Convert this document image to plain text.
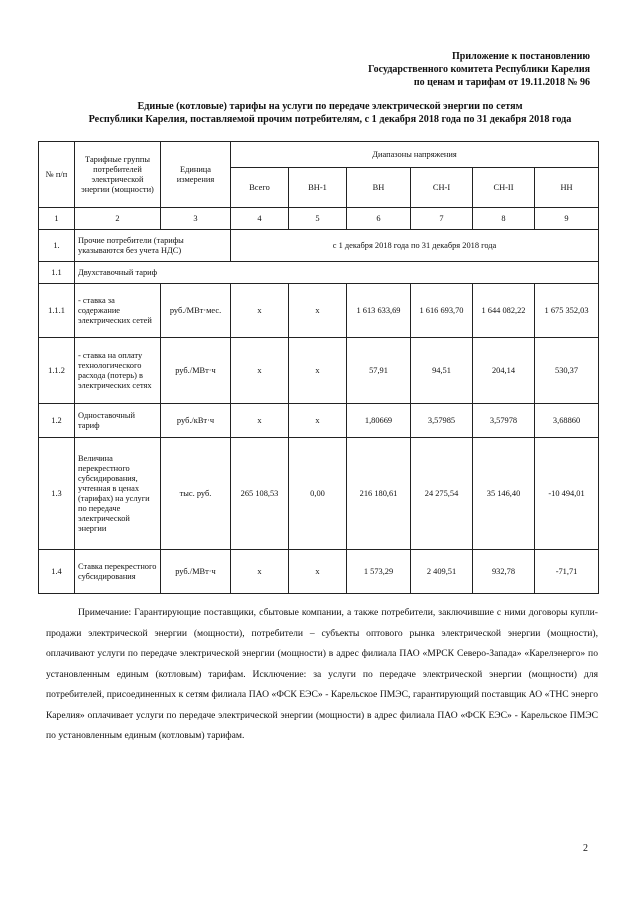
Приложение к постановлению
Государственного комитета Республики Карелия
по ценам и тарифам от 19.11.2018 № 96
Единые (котловые) тарифы на услуги по передаче электрической энергии по сетям
Республики Карелия, поставляемой прочим потребителям, с 1 декабря 2018 года по 31 декабря 2018 года
№ п/п	Тарифные группы потребителей электрической энергии (мощности)	Единица измерения	Диапазоны напряжения					
			Всего	ВН-1	ВН	СН-I	СН-II	НН
1	2	3	4	5	6	7	8	9
1.	Прочие потребители (тарифы указываются без учета НДС)		с 1 декабря 2018 года по 31 декабря 2018 года					
1.1	Двухставочный тариф							
1.1.1	- ставка за содержание электрических сетей	руб./МВт·мес.	х	х	1 613 633,69	1 616 693,70	1 644 082,22	1 675 352,03
1.1.2	- ставка на оплату технологического расхода (потерь) в электрических сетях	руб./МВт·ч	х	х	57,91	94,51	204,14	530,37
1.2	Одноставочный тариф	руб./кВт·ч	х	х	1,80669	3,57985	3,57978	3,68860
1.3	Величина перекрестного субсидирования, учтенная в ценах (тарифах) на услуги по передаче электрической энергии	тыс. руб.	265 108,53	0,00	216 180,61	24 275,54	35 146,40	-10 494,01
1.4	Ставка перекрестного субсидирования	руб./МВт·ч	х	х	1 573,29	2 409,51	932,78	-71,71

Примечание: Гарантирующие поставщики, сбытовые компании, а также потребители, заключившие с ними договоры купли-продажи электрической энергии (мощности), потребители – субъекты оптового рынка электрической энергии (мощности), оплачивают услуги по передаче электрической энергии (мощности) в адрес филиала ПАО «МРСК Северо-Запада» «Карелэнерго» по установленным единым (котловым) тарифам. Исключение: за услуги по передаче электрической энергии (мощности) для потребителей, присоединенных к сетям филиала ПАО «ФСК ЕЭС» - Карельское ПМЭС, гарантирующий поставщик АО «ТНС энерго Карелия» оплачивает услуги по передаче электрической энергии (мощности) в адрес филиала ПАО «ФСК ЕЭС» - Карельское ПМЭС по установленным единым (котловым) тарифам.

2
